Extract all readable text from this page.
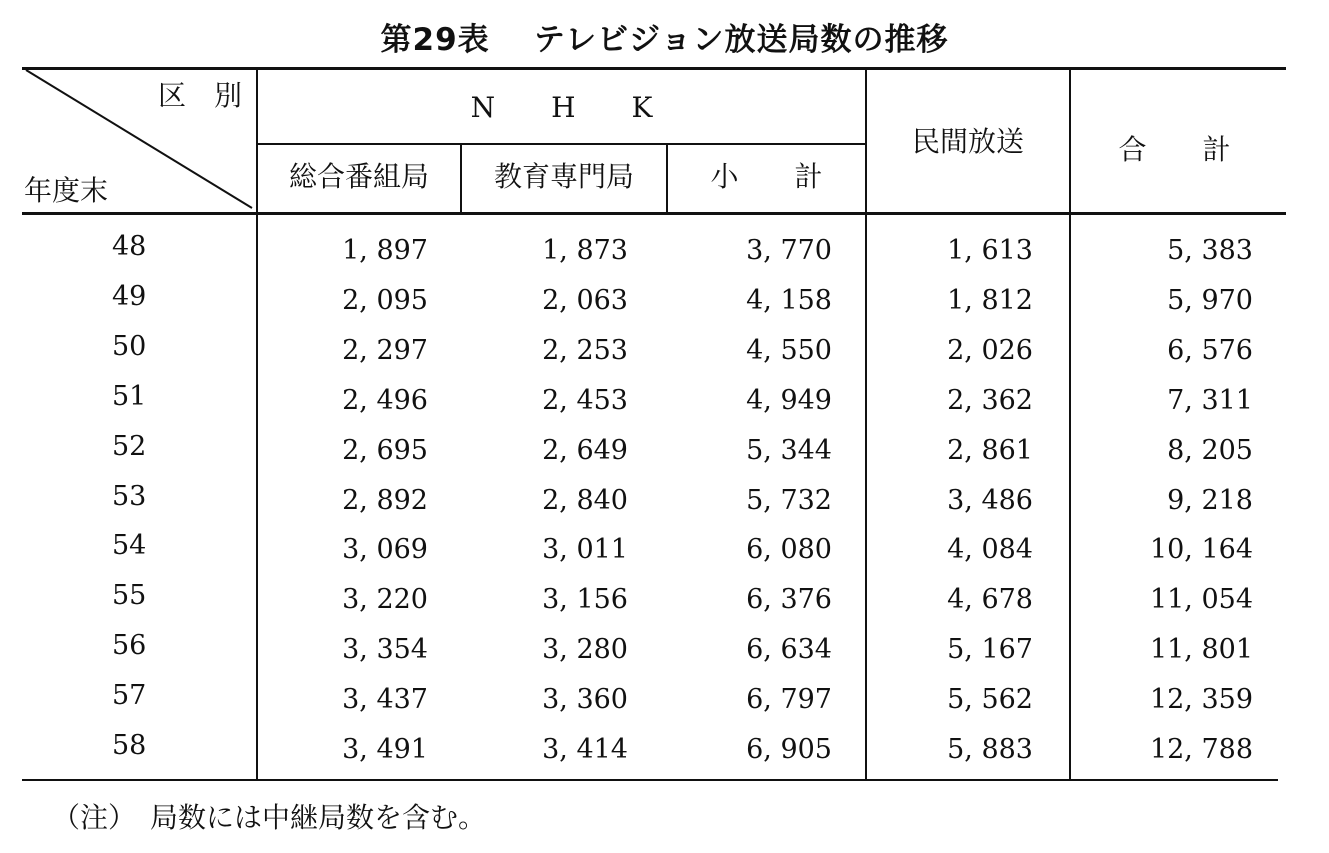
第29表 テレビジョン放送局数の推移
区　別
年度末
N　　H　　K
総合番組局	教育専門局	小　　計
民間放送	合　　計
48	1, 897	1, 873	3, 770	1, 613	5, 383
49	2, 095	2, 063	4, 158	1, 812	5, 970
50	2, 297	2, 253	4, 550	2, 026	6, 576
51	2, 496	2, 453	4, 949	2, 362	7, 311
52	2, 695	2, 649	5, 344	2, 861	8, 205
53	2, 892	2, 840	5, 732	3, 486	9, 218
54	3, 069	3, 011	6, 080	4, 084	10, 164
55	3, 220	3, 156	6, 376	4, 678	11, 054
56	3, 354	3, 280	6, 634	5, 167	11, 801
57	3, 437	3, 360	6, 797	5, 562	12, 359
58	3, 491	3, 414	6, 905	5, 883	12, 788
（注）　 局数には中継局数を含む。
